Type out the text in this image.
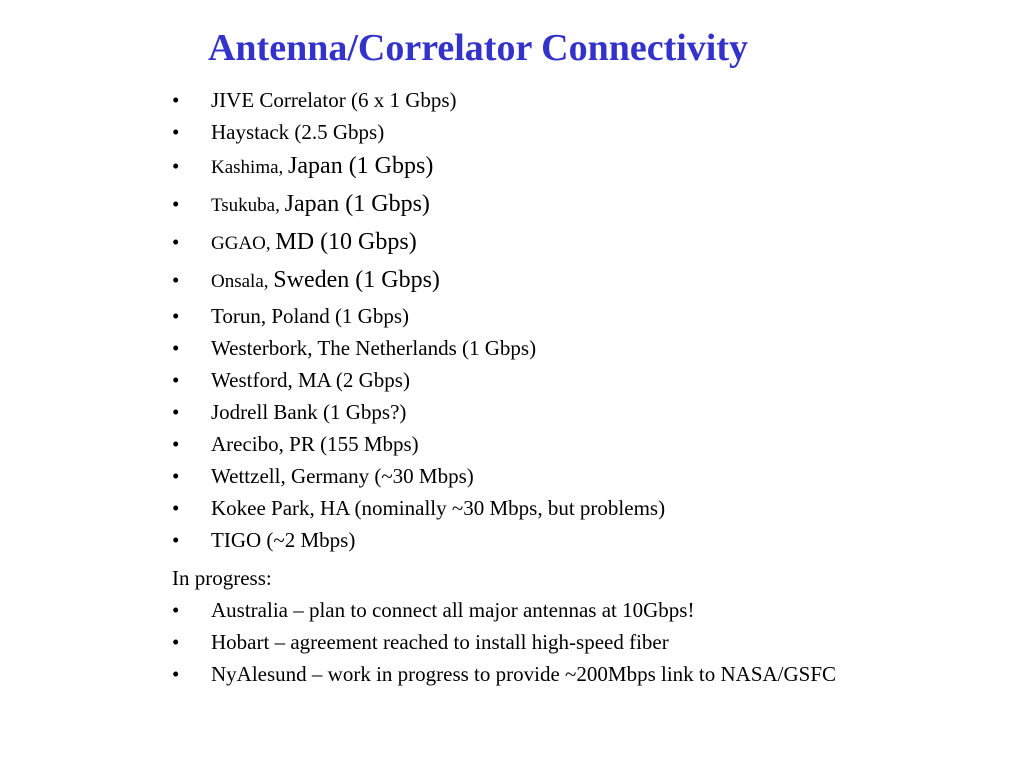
Antenna/Correlator Connectivity
• JIVE Correlator (6 x 1 Gbps)
• Haystack (2.5 Gbps)
• Kashima, Japan (1 Gbps)
• Tsukuba, Japan (1 Gbps)
• GGAO, MD (10 Gbps)
• Onsala, Sweden (1 Gbps)
• Torun, Poland (1 Gbps)
• Westerbork, The Netherlands (1 Gbps)
• Westford, MA (2 Gbps)
• Jodrell Bank (1 Gbps?)
• Arecibo, PR (155 Mbps)
• Wettzell, Germany (~30 Mbps)
• Kokee Park, HA (nominally ~30 Mbps, but problems)
• TIGO (~2 Mbps)
In progress:
• Australia – plan to connect all major antennas at 10Gbps!
• Hobart – agreement reached to install high-speed fiber
• NyAlesund – work in progress to provide ~200Mbps link to NASA/GSFC
